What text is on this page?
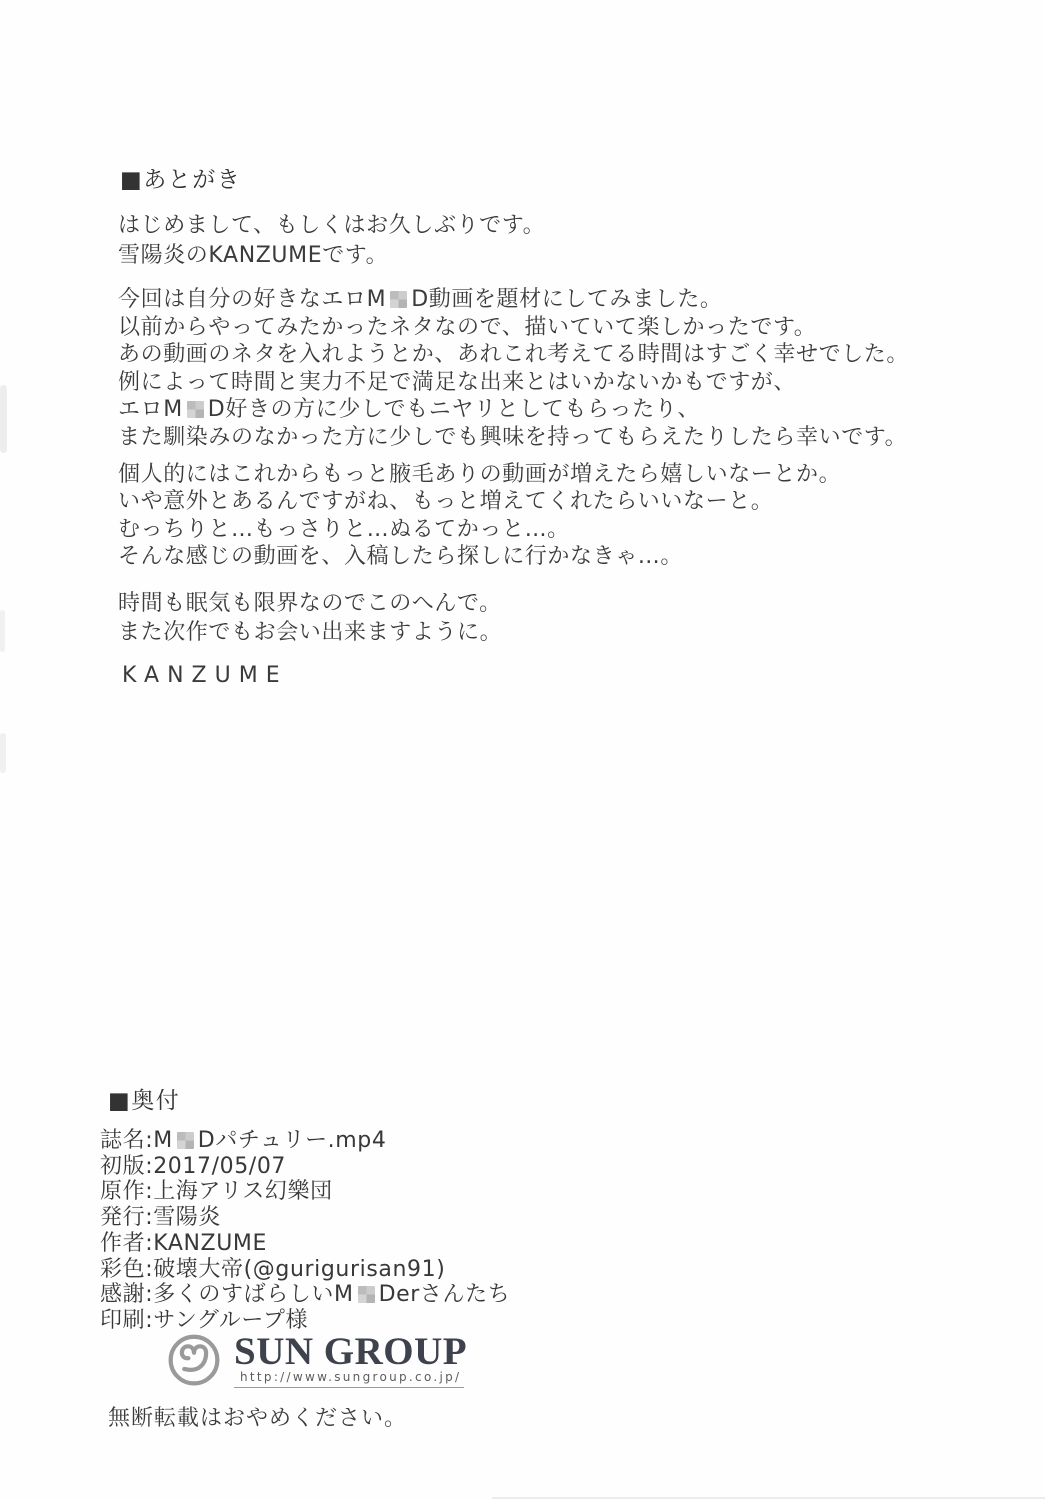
■あとがき
はじめまして、もしくはお久しぶりです。
雪陽炎のKANZUMEです。
今回は自分の好きなエロM D動画を題材にしてみました。
以前からやってみたかったネタなので、描いていて楽しかったです。
あの動画のネタを入れようとか、あれこれ考えてる時間はすごく幸せでした。
例によって時間と実力不足で満足な出来とはいかないかもですが、
エロM D好きの方に少しでもニヤリとしてもらったり、
また馴染みのなかった方に少しでも興味を持ってもらえたりしたら幸いです。
個人的にはこれからもっと腋毛ありの動画が増えたら嬉しいなーとか。
いや意外とあるんですがね、もっと増えてくれたらいいなーと。
むっちりと…もっさりと…ぬるてかっと…。
そんな感じの動画を、入稿したら探しに行かなきゃ…。
時間も眠気も限界なのでこのへんで。
また次作でもお会い出来ますように。
KANZUME
■奥付
誌名:M Dパチュリー.mp4
初版:2017/05/07
原作:上海アリス幻樂団
発行:雪陽炎
作者:KANZUME
彩色:破壊大帝(@gurigurisan91)
感謝:多くのすばらしいM Derさんたち
印刷:サングループ様
SUN GROUP
http://www.sungroup.co.jp/
無断転載はおやめください。
